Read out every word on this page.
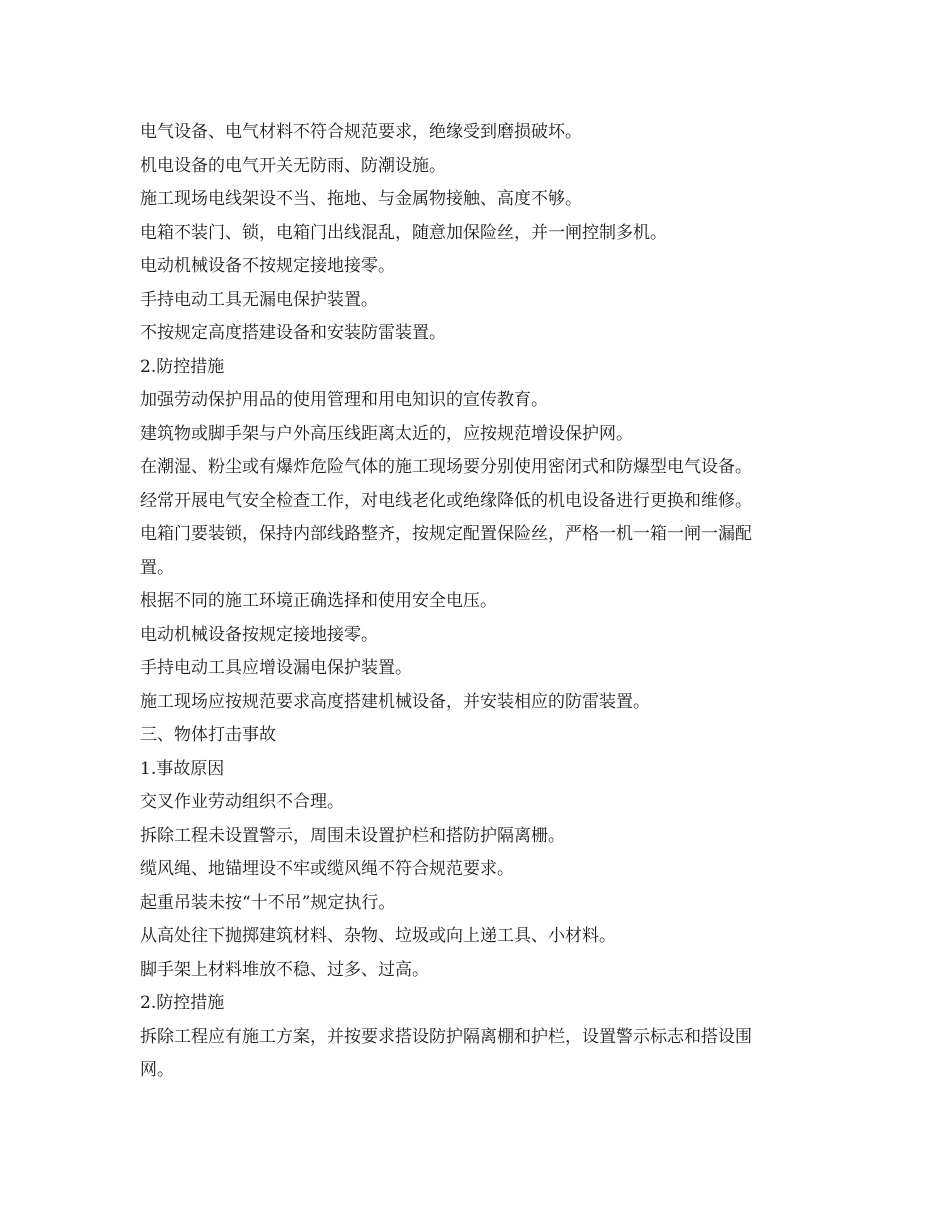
电气设备、电气材料不符合规范要求，绝缘受到磨损破坏。

机电设备的电气开关无防雨、防潮设施。

施工现场电线架设不当、拖地、与金属物接触、高度不够。

电箱不装门、锁，电箱门出线混乱，随意加保险丝，并一闸控制多机。

电动机械设备不按规定接地接零。

手持电动工具无漏电保护装置。

不按规定高度搭建设备和安装防雷装置。

2.防控措施

加强劳动保护用品的使用管理和用电知识的宣传教育。

建筑物或脚手架与户外高压线距离太近的，应按规范增设保护网。

在潮湿、粉尘或有爆炸危险气体的施工现场要分别使用密闭式和防爆型电气设备。

经常开展电气安全检查工作，对电线老化或绝缘降低的机电设备进行更换和维修。

电箱门要装锁，保持内部线路整齐，按规定配置保险丝，严格一机一箱一闸一漏配

置。

根据不同的施工环境正确选择和使用安全电压。

电动机械设备按规定接地接零。

手持电动工具应增设漏电保护装置。

施工现场应按规范要求高度搭建机械设备，并安装相应的防雷装置。

三、物体打击事故

1.事故原因

交叉作业劳动组织不合理。

拆除工程未设置警示，周围未设置护栏和搭防护隔离栅。

缆风绳、地锚埋设不牢或缆风绳不符合规范要求。

起重吊装未按“十不吊”规定执行。

从高处往下抛掷建筑材料、杂物、垃圾或向上递工具、小材料。

脚手架上材料堆放不稳、过多、过高。

2.防控措施

拆除工程应有施工方案，并按要求搭设防护隔离棚和护栏，设置警示标志和搭设围

网。
